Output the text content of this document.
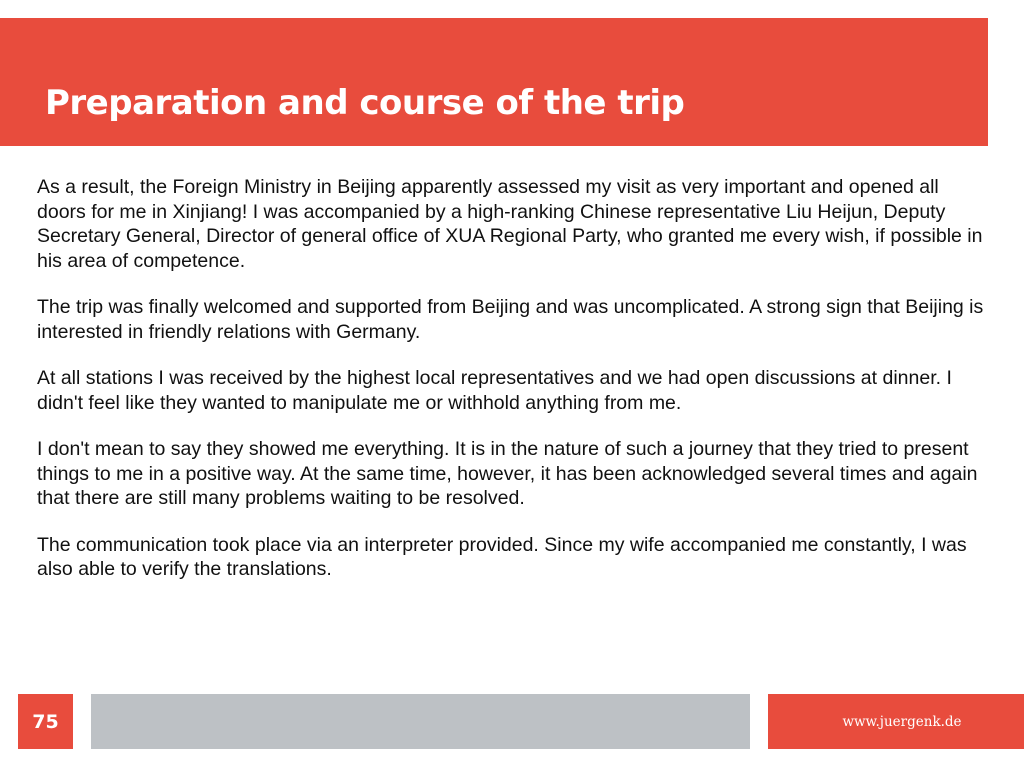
Preparation and course of the trip

As a result, the Foreign Ministry in Beijing apparently assessed my visit as very important and opened all doors for me in Xinjiang! I was accompanied by a high-ranking Chinese representative Liu Heijun, Deputy Secretary General, Director of general office of XUA Regional Party, who granted me every wish, if possible in his area of competence.

The trip was finally welcomed and supported from Beijing and was uncomplicated. A strong sign that Beijing is interested in friendly relations with Germany.

At all stations I was received by the highest local representatives and we had open discussions at dinner. I didn't feel like they wanted to manipulate me or withhold anything from me.

I don't mean to say they showed me everything. It is in the nature of such a journey that they tried to present things to me in a positive way. At the same time, however, it has been acknowledged several times and again that there are still many problems waiting to be resolved.

The communication took place via an interpreter provided. Since my wife accompanied me constantly, I was also able to verify the translations.

75	www.juergenk.de
